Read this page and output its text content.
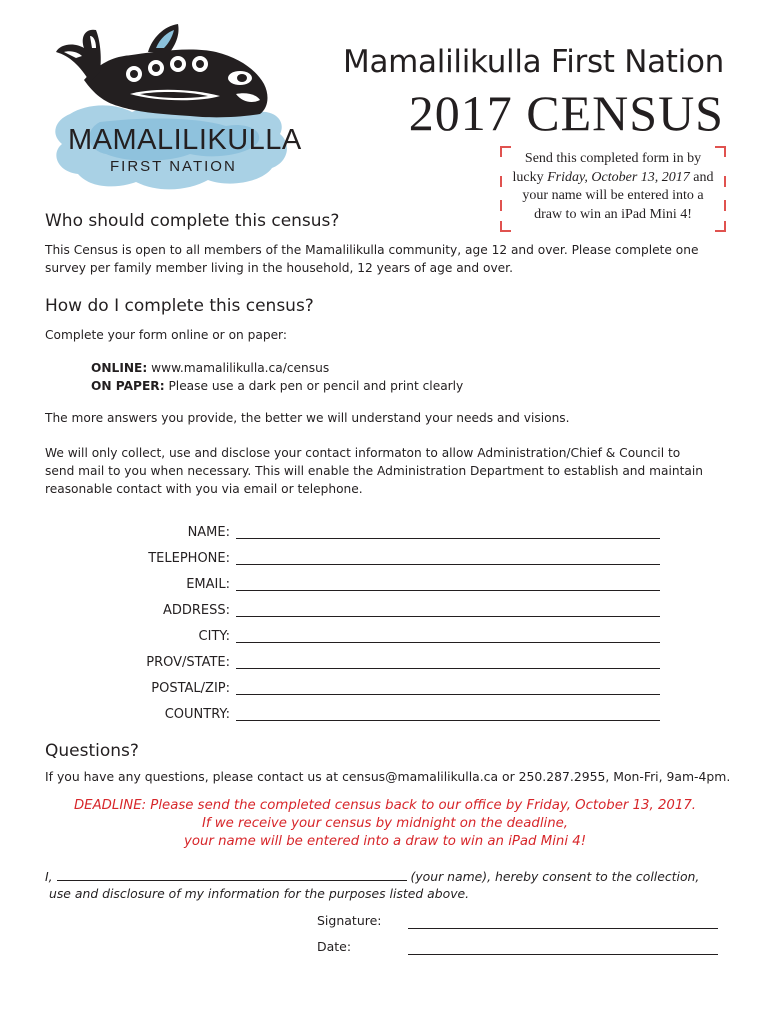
MAMALILIKULLA
FIRST NATION
Mamalilikulla First Nation
2017 CENSUS
Send this completed form in by
lucky Friday, October 13, 2017 and
your name will be entered into a
draw to win an iPad Mini 4!
Who should complete this census?

This Census is open to all members of the Mamalilikulla community, age 12 and over. Please complete one
survey per family member living in the household, 12 years of age and over.

How do I complete this census?

Complete your form online or on paper:

ONLINE: www.mamalilikulla.ca/census

ON PAPER: Please use a dark pen or pencil and print clearly

The more answers you provide, the better we will understand your needs and visions.

We will only collect, use and disclose your contact informaton to allow Administration/Chief & Council to
send mail to you when necessary. This will enable the Administration Department to establish and maintain
reasonable contact with you via email or telephone.

NAME:
TELEPHONE:
EMAIL:
ADDRESS:
CITY:
PROV/STATE:
POSTAL/ZIP:
COUNTRY:
Questions?

If you have any questions, please contact us at census@mamalilikulla.ca or 250.287.2955, Mon-Fri, 9am-4pm.

DEADLINE: Please send the completed census back to our office by Friday, October 13, 2017.
If we receive your census by midnight on the deadline,
your name will be entered into a draw to win an iPad Mini 4!
I,	(your name), hereby consent to the collection,
use and disclosure of my information for the purposes listed above.
Signature:
Date:
